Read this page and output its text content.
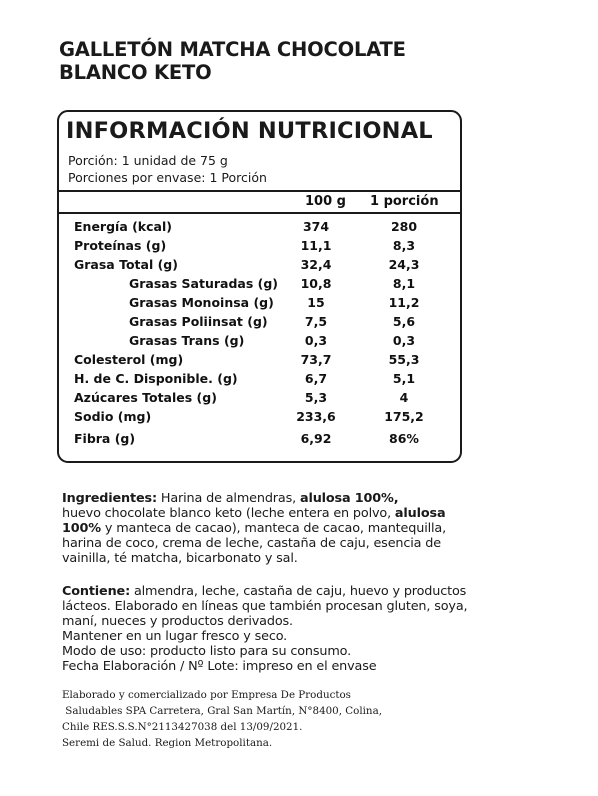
GALLETÓN MATCHA CHOCOLATE
BLANCO KETO
INFORMACIÓN NUTRICIONAL
Porción: 1 unidad de 75 g
Porciones por envase: 1 Porción
100 g 1 porción
Energía (kcal)	374	280
Proteínas (g)	11,1	8,3
Grasa Total (g)	32,4	24,3
Grasas Saturadas (g)	10,8	8,1
Grasas Monoinsa (g)	15	11,2
Grasas Poliinsat (g)	7,5	5,6
Grasas Trans (g)	0,3	0,3
Colesterol (mg)	73,7	55,3
H. de C. Disponible. (g)	6,7	5,1
Azúcares Totales (g)	5,3	4
Sodio (mg)	233,6	175,2
Fibra (g)	6,92	86%
Ingredientes: Harina de almendras, alulosa 100%,
huevo chocolate blanco keto (leche entera en polvo, alulosa
100% y manteca de cacao), manteca de cacao, mantequilla,
harina de coco, crema de leche, castaña de caju, esencia de
vainilla, té matcha, bicarbonato y sal.
Contiene: almendra, leche, castaña de caju, huevo y productos
lácteos. Elaborado en líneas que también procesan gluten, soya,
maní, nueces y productos derivados.
Mantener en un lugar fresco y seco.
Modo de uso: producto listo para su consumo.
Fecha Elaboración / Nº Lote: impreso en el envase
Elaborado y comercializado por Empresa De Productos
Saludables SPA Carretera, Gral San Martín, N°8400, Colina,
Chile RES.S.S.N°2113427038 del 13/09/2021.
Seremi de Salud. Region Metropolitana.
